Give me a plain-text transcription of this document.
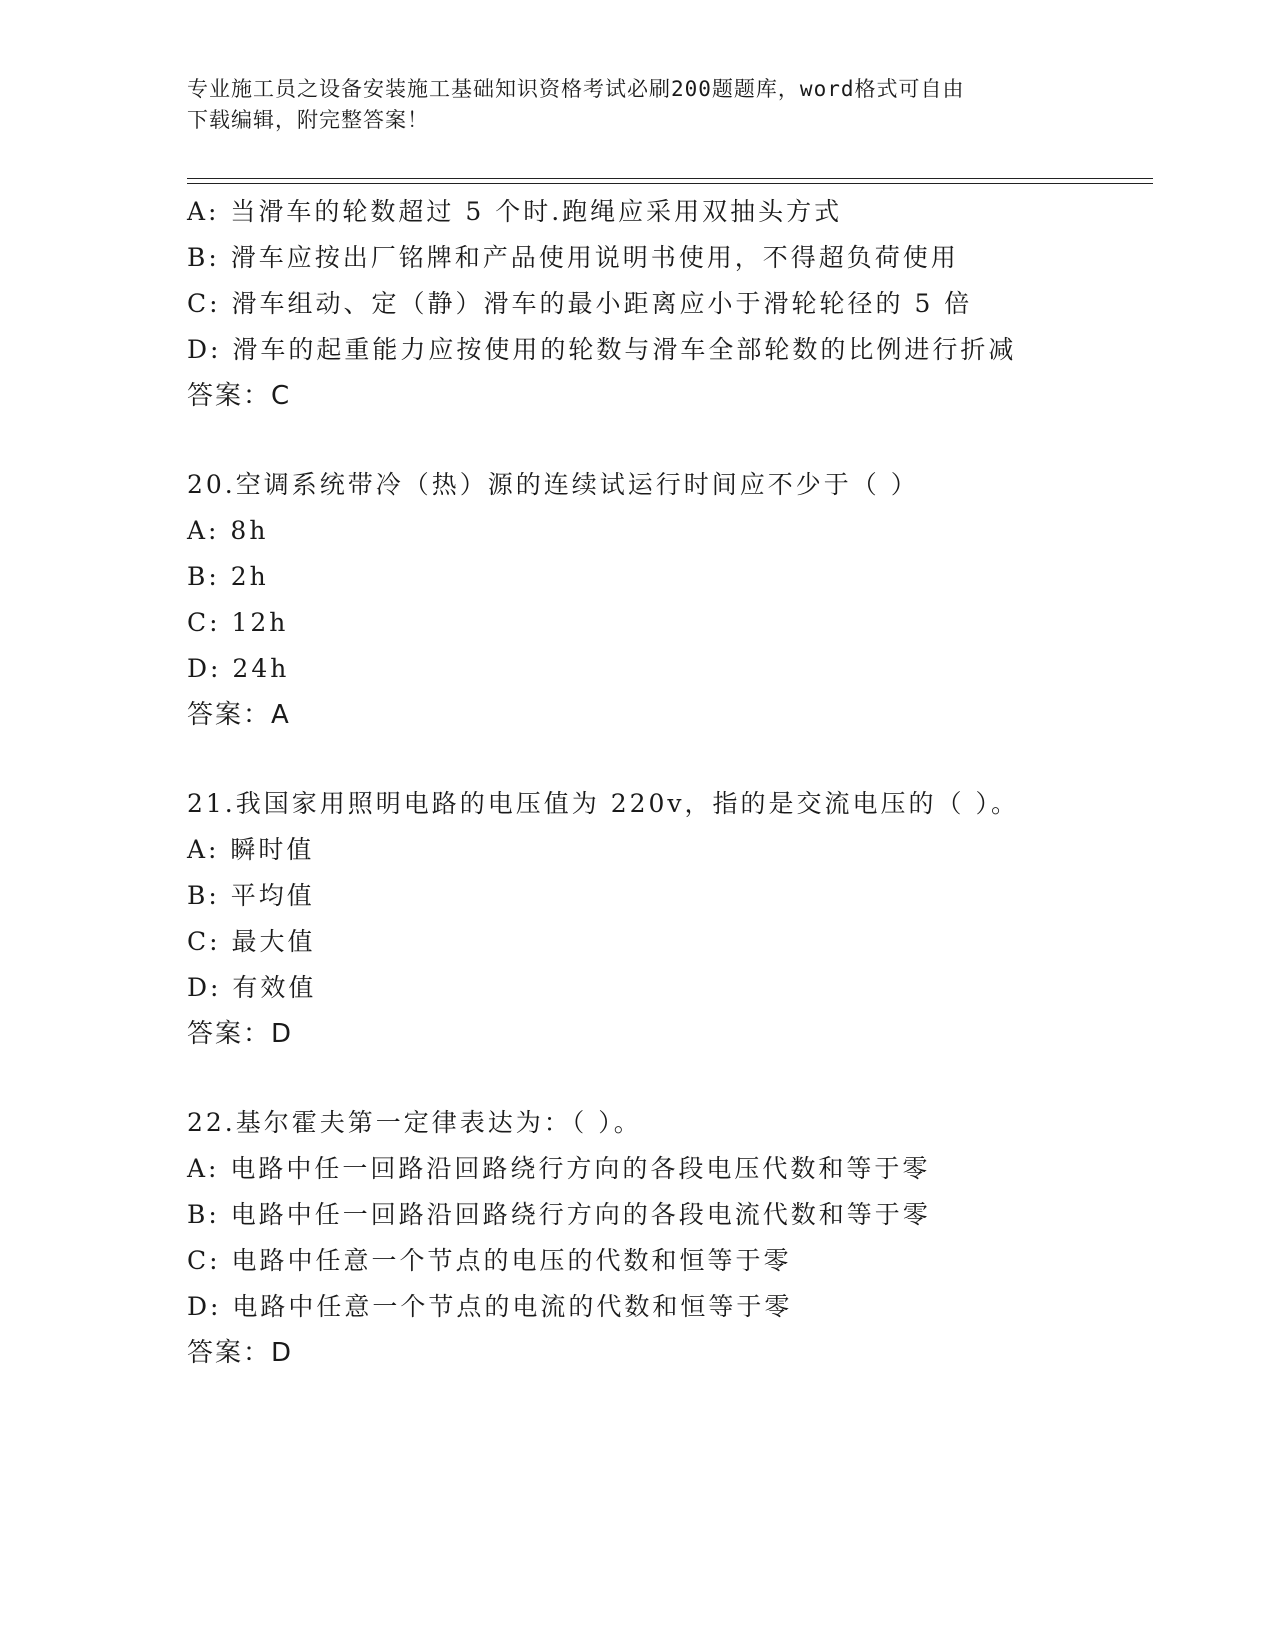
专业施工员之设备安装施工基础知识资格考试必刷200题题库，word格式可自由
下载编辑，附完整答案！
A: 当滑车的轮数超过 5 个时.跑绳应采用双抽头方式
B: 滑车应按出厂铭牌和产品使用说明书使用，不得超负荷使用
C: 滑车组动、定（静）滑车的最小距离应小于滑轮轮径的 5 倍
D: 滑车的起重能力应按使用的轮数与滑车全部轮数的比例进行折减
答案：C
20.空调系统带冷（热）源的连续试运行时间应不少于（ ）
A: 8h
B: 2h
C: 12h
D: 24h
答案：A
21.我国家用照明电路的电压值为 220v，指的是交流电压的（ ）。
A: 瞬时值
B: 平均值
C: 最大值
D: 有效值
答案：D
22.基尔霍夫第一定律表达为：（ ）。
A: 电路中任一回路沿回路绕行方向的各段电压代数和等于零
B: 电路中任一回路沿回路绕行方向的各段电流代数和等于零
C: 电路中任意一个节点的电压的代数和恒等于零
D: 电路中任意一个节点的电流的代数和恒等于零
答案：D
